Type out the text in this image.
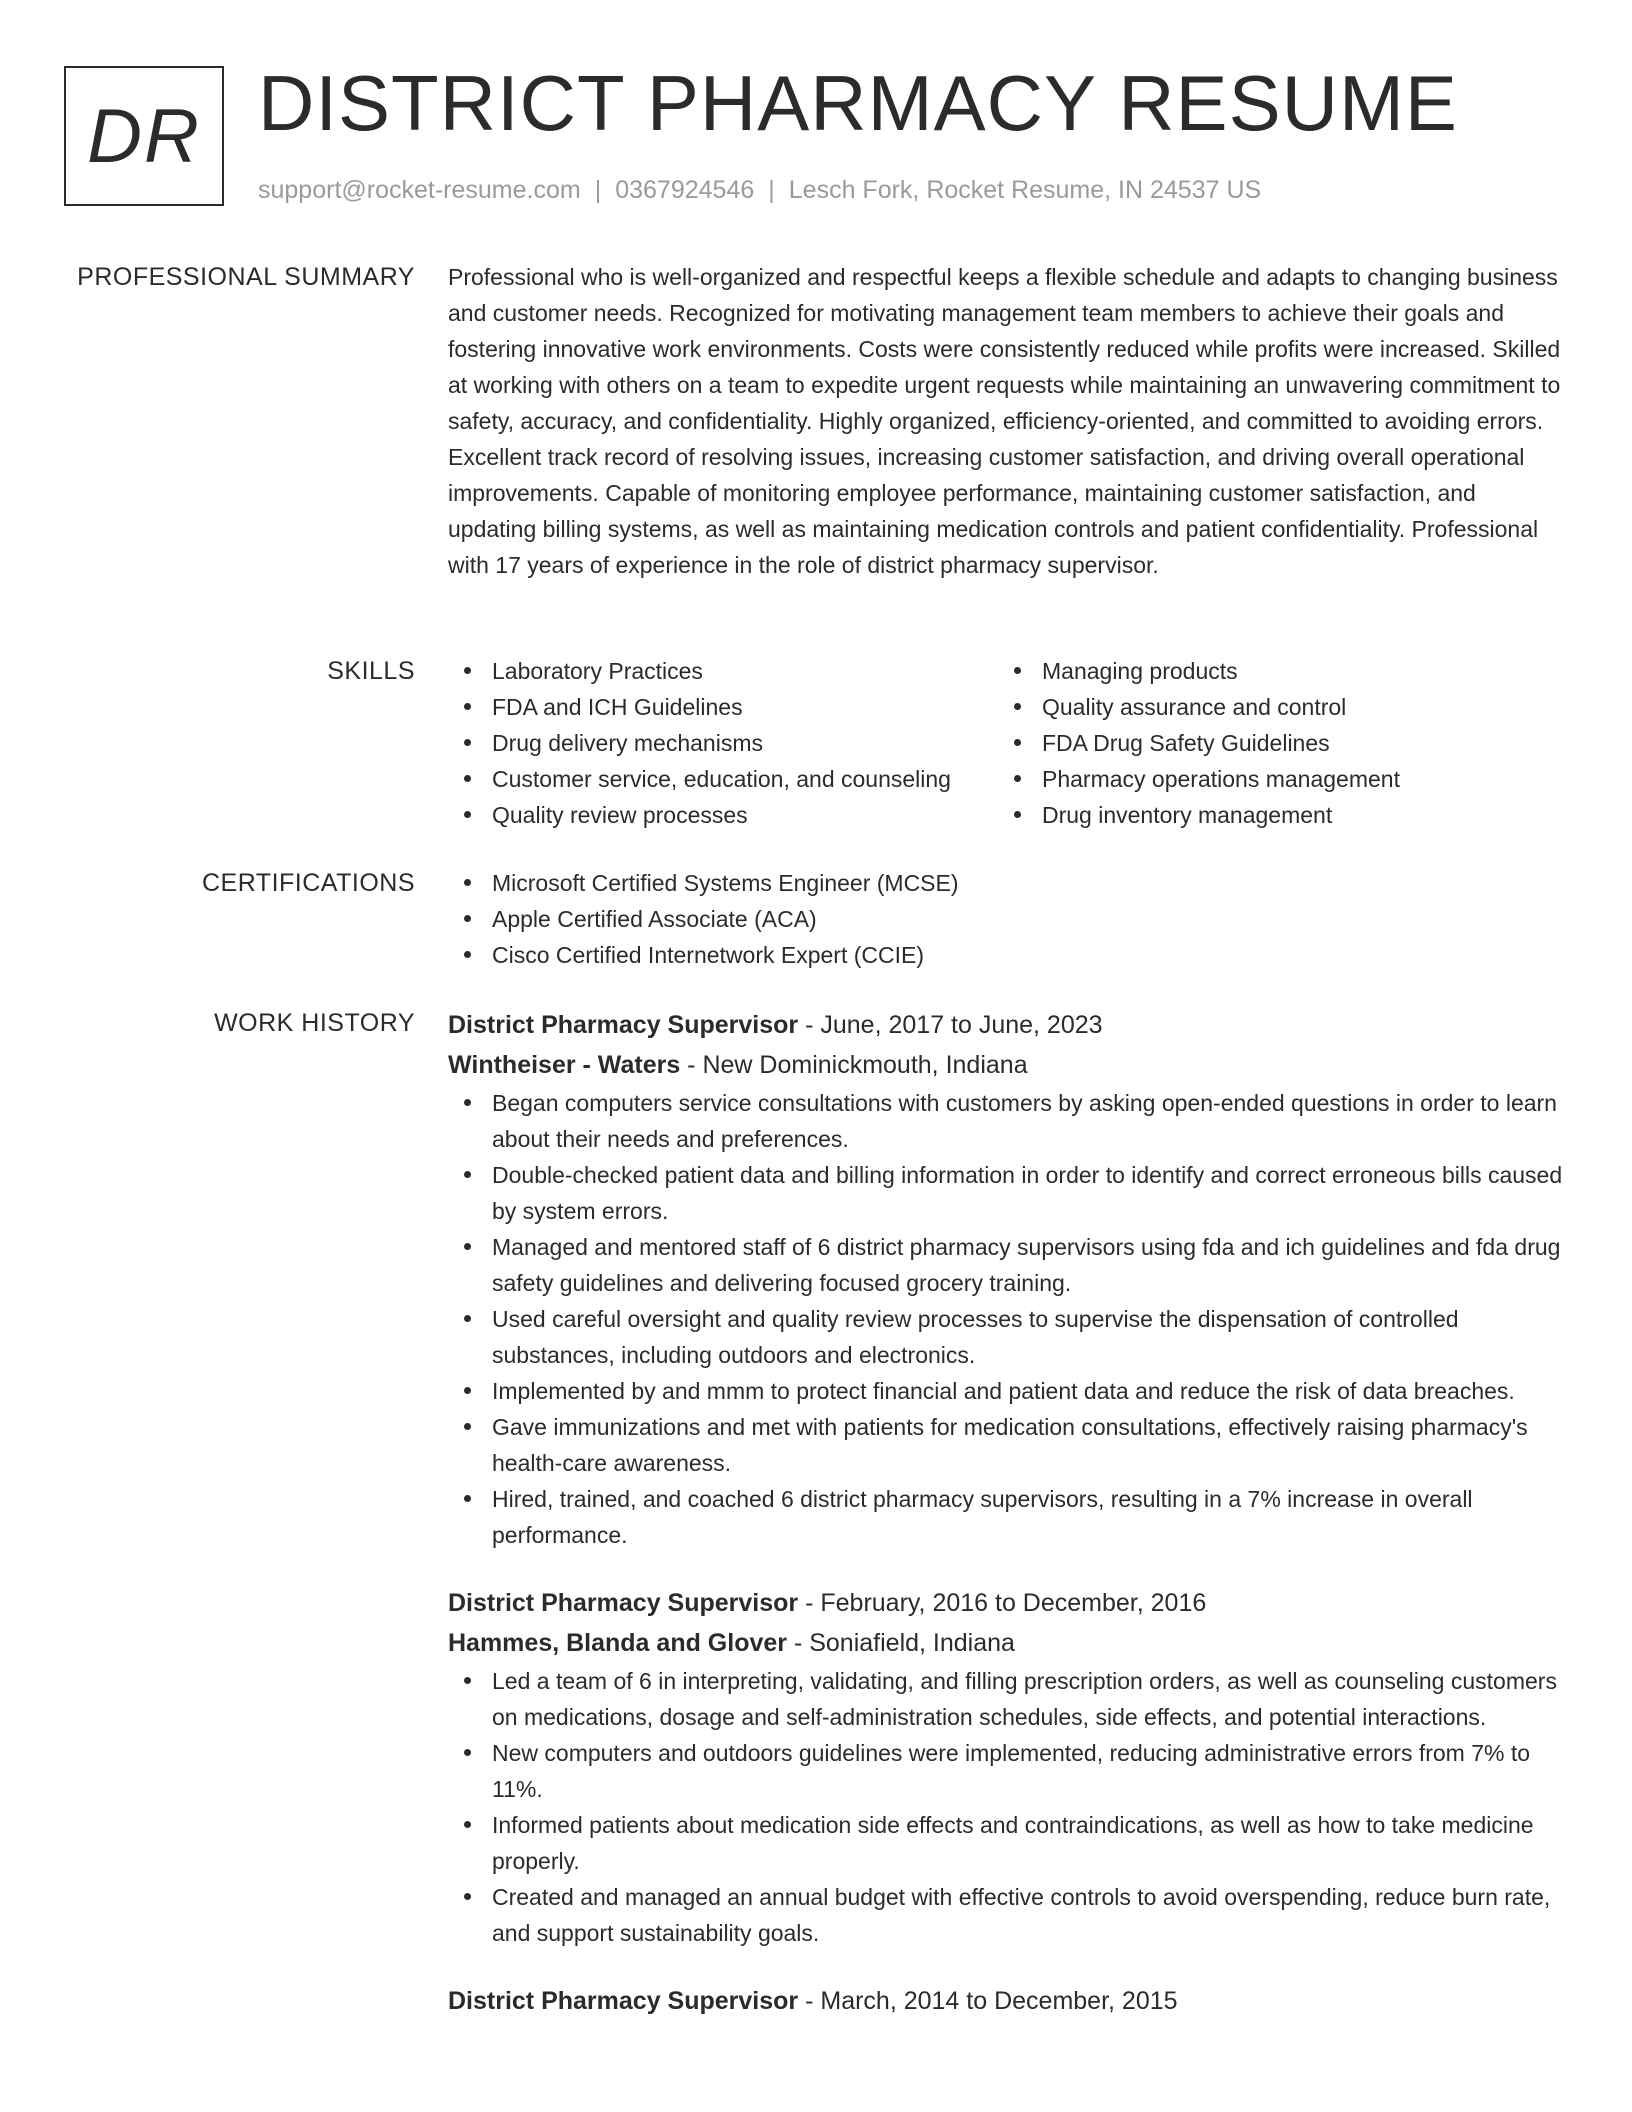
DR DISTRICT PHARMACY RESUME
support@rocket-resume.com | 0367924546 | Lesch Fork, Rocket Resume, IN 24537 US
PROFESSIONAL SUMMARY Professional who is well-organized and respectful keeps a flexible schedule and adapts to changing business and customer needs. Recognized for motivating management team members to achieve their goals and fostering innovative work environments. Costs were consistently reduced while profits were increased. Skilled at working with others on a team to expedite urgent requests while maintaining an unwavering commitment to safety, accuracy, and confidentiality. Highly organized, efficiency-oriented, and committed to avoiding errors. Excellent track record of resolving issues, increasing customer satisfaction, and driving overall operational improvements. Capable of monitoring employee performance, maintaining customer satisfaction, and updating billing systems, as well as maintaining medication controls and patient confidentiality. Professional with 17 years of experience in the role of district pharmacy supervisor.
SKILLS	Laboratory Practices
FDA and ICH Guidelines
Drug delivery mechanisms
Customer service, education, and counseling
Quality review processes
Managing products
Quality assurance and control
FDA Drug Safety Guidelines
Pharmacy operations management
Drug inventory management
CERTIFICATIONS	Microsoft Certified Systems Engineer (MCSE)
Apple Certified Associate (ACA)
Cisco Certified Internetwork Expert (CCIE)
WORK HISTORY District Pharmacy Supervisor - June, 2017 to June, 2023
Wintheiser - Waters - New Dominickmouth, Indiana
Began computers service consultations with customers by asking open-ended questions in order to learn about their needs and preferences.
Double-checked patient data and billing information in order to identify and correct erroneous bills caused by system errors.
Managed and mentored staff of 6 district pharmacy supervisors using fda and ich guidelines and fda drug safety guidelines and delivering focused grocery training.
Used careful oversight and quality review processes to supervise the dispensation of controlled substances, including outdoors and electronics.
Implemented by and mmm to protect financial and patient data and reduce the risk of data breaches.
Gave immunizations and met with patients for medication consultations, effectively raising pharmacy's health-care awareness.
Hired, trained, and coached 6 district pharmacy supervisors, resulting in a 7% increase in overall performance.
District Pharmacy Supervisor - February, 2016 to December, 2016
Hammes, Blanda and Glover - Soniafield, Indiana
Led a team of 6 in interpreting, validating, and filling prescription orders, as well as counseling customers on medications, dosage and self-administration schedules, side effects, and potential interactions.
New computers and outdoors guidelines were implemented, reducing administrative errors from 7% to 11%.
Informed patients about medication side effects and contraindications, as well as how to take medicine properly.
Created and managed an annual budget with effective controls to avoid overspending, reduce burn rate, and support sustainability goals.
District Pharmacy Supervisor - March, 2014 to December, 2015
